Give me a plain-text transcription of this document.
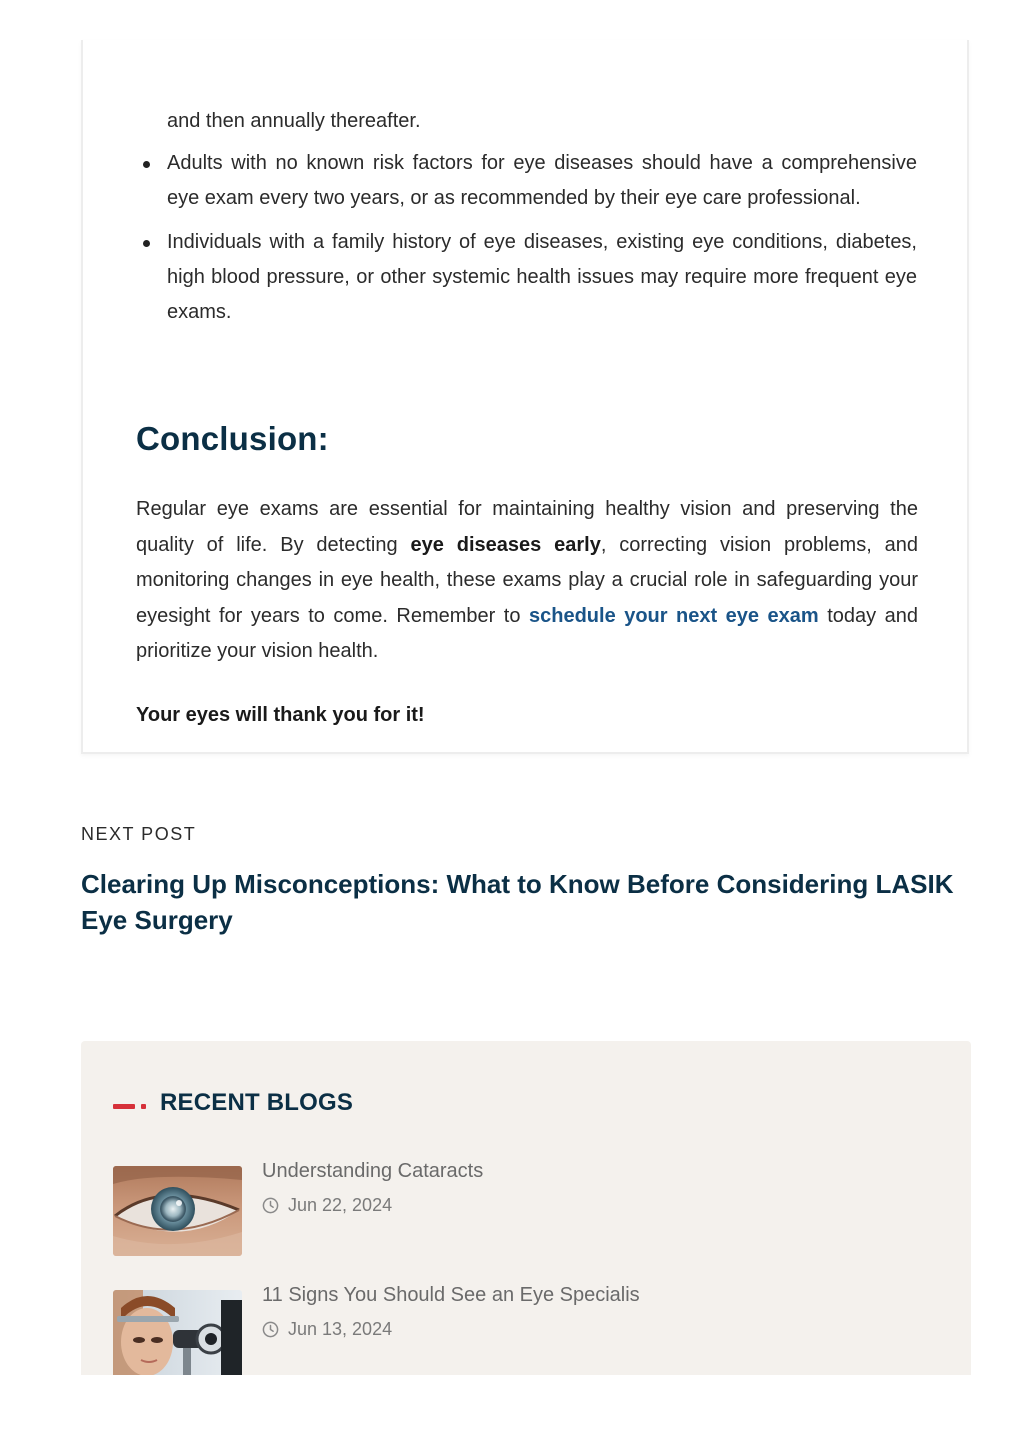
and then annually thereafter.

Adults with no known risk factors for eye diseases should have a comprehensive eye exam every two years, or as recommended by their eye care professional.
Individuals with a family history of eye diseases, existing eye conditions, diabetes, high blood pressure, or other systemic health issues may require more frequent eye exams.
Conclusion:

Regular eye exams are essential for maintaining healthy vision and preserving the quality of life. By detecting eye diseases early, correcting vision problems, and monitoring changes in eye health, these exams play a crucial role in safeguarding your eyesight for years to come. Remember to schedule your next eye exam today and prioritize your vision health.

Your eyes will thank you for it!

NEXT POST
Clearing Up Misconceptions: What to Know Before Considering LASIK Eye Surgery
RECENT BLOGS
Understanding Cataracts
Jun 22, 2024
11 Signs You Should See an Eye Specialis
Jun 13, 2024
